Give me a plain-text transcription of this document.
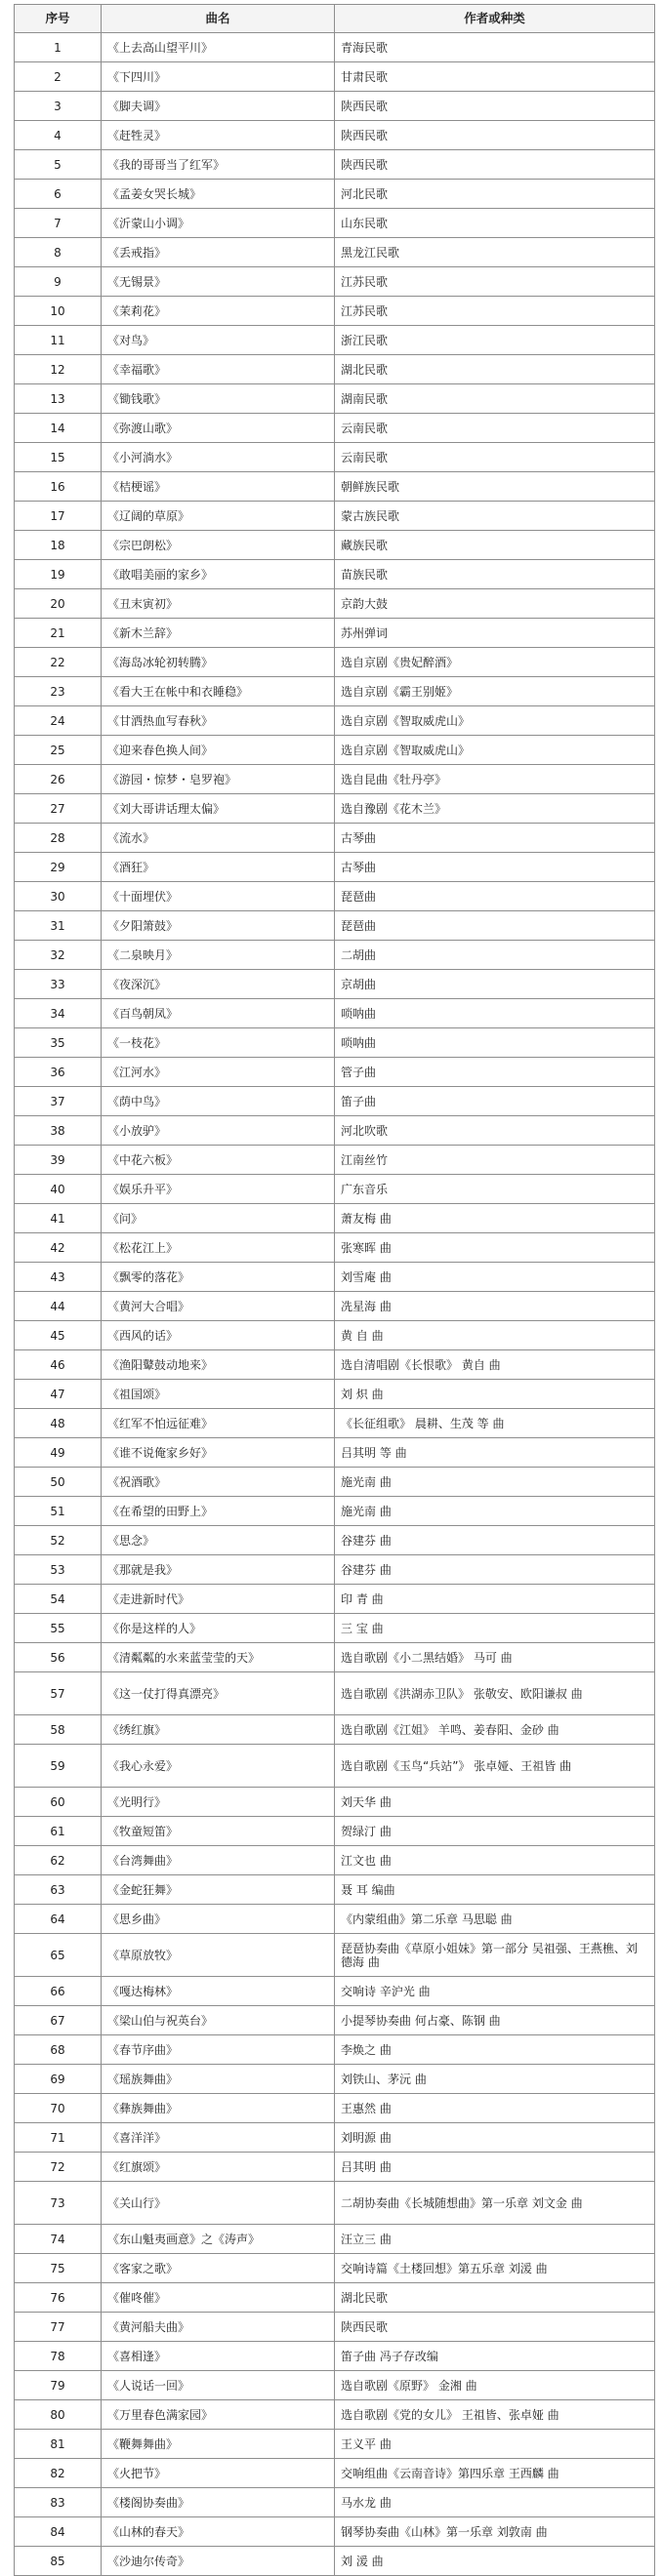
序号	曲名	作者或种类

1	《上去高山望平川》	青海民歌

2	《下四川》	甘肃民歌

3	《脚夫调》	陕西民歌

4	《赶牲灵》	陕西民歌

5	《我的哥哥当了红军》	陕西民歌

6	《孟姜女哭长城》	河北民歌

7	《沂蒙山小调》	山东民歌

8	《丢戒指》	黑龙江民歌

9	《无锡景》	江苏民歌

10	《茉莉花》	江苏民歌

11	《对鸟》	浙江民歌

12	《幸福歌》	湖北民歌

13	《锄钱歌》	湖南民歌

14	《弥渡山歌》	云南民歌

15	《小河淌水》	云南民歌

16	《桔梗谣》	朝鲜族民歌

17	《辽阔的草原》	蒙古族民歌

18	《宗巴朗松》	藏族民歌

19	《敢唱美丽的家乡》	苗族民歌

20	《丑末寅初》	京韵大鼓

21	《新木兰辞》	苏州弹词

22	《海岛冰轮初转腾》	选自京剧《贵妃醉酒》

23	《看大王在帐中和衣睡稳》	选自京剧《霸王别姬》

24	《甘洒热血写春秋》	选自京剧《智取威虎山》

25	《迎来春色换人间》	选自京剧《智取威虎山》

26	《游园・惊梦・皂罗袍》	选自昆曲《牡丹亭》

27	《刘大哥讲话理太偏》	选自豫剧《花木兰》

28	《流水》	古琴曲

29	《酒狂》	古琴曲

30	《十面埋伏》	琵琶曲

31	《夕阳箫鼓》	琵琶曲

32	《二泉映月》	二胡曲

33	《夜深沉》	京胡曲

34	《百鸟朝凤》	唢呐曲

35	《一枝花》	唢呐曲

36	《江河水》	管子曲

37	《荫中鸟》	笛子曲

38	《小放驴》	河北吹歌

39	《中花六板》	江南丝竹

40	《娱乐升平》	广东音乐

41	《问》	萧友梅 曲

42	《松花江上》	张寒晖 曲

43	《飘零的落花》	刘雪庵 曲

44	《黄河大合唱》	冼星海 曲

45	《西风的话》	黄 自 曲

46	《渔阳鼙鼓动地来》	选自清唱剧《长恨歌》 黄自 曲

47	《祖国颂》	刘 炽 曲

48	《红军不怕远征难》	《长征组歌》 晨耕、生茂 等 曲

49	《谁不说俺家乡好》	吕其明 等 曲

50	《祝酒歌》	施光南 曲

51	《在希望的田野上》	施光南 曲

52	《思念》	谷建芬 曲

53	《那就是我》	谷建芬 曲

54	《走进新时代》	印 青 曲

55	《你是这样的人》	三 宝 曲

56	《清粼粼的水来蓝莹莹的天》	选自歌剧《小二黑结婚》 马可 曲

57	《这一仗打得真漂亮》	选自歌剧《洪湖赤卫队》 张敬安、欧阳谦叔 曲

58	《绣红旗》	选自歌剧《江姐》 羊鸣、姜春阳、金砂 曲

59	《我心永爱》	选自歌剧《玉鸟“兵站”》 张卓娅、王祖皆 曲

60	《光明行》	刘天华 曲

61	《牧童短笛》	贺绿汀 曲

62	《台湾舞曲》	江文也 曲

63	《金蛇狂舞》	聂 耳 编曲

64	《思乡曲》	《内蒙组曲》第二乐章 马思聪 曲

65	《草原放牧》	琵琶协奏曲《草原小姐妹》第一部分 吴祖强、王燕樵、刘德海 曲

66	《嘎达梅林》	交响诗 辛沪光 曲

67	《梁山伯与祝英台》	小提琴协奏曲 何占豪、陈钢 曲

68	《春节序曲》	李焕之 曲

69	《瑶族舞曲》	刘铁山、茅沅 曲

70	《彝族舞曲》	王惠然 曲

71	《喜洋洋》	刘明源 曲

72	《红旗颂》	吕其明 曲

73	《关山行》	二胡协奏曲《长城随想曲》第一乐章 刘文金 曲

74	《东山魁夷画意》之《涛声》	汪立三 曲

75	《客家之歌》	交响诗篇《土楼回想》第五乐章 刘湲 曲

76	《催咚催》	湖北民歌

77	《黄河船夫曲》	陕西民歌

78	《喜相逢》	笛子曲 冯子存改编

79	《人说话一回》	选自歌剧《原野》 金湘 曲

80	《万里春色满家园》	选自歌剧《党的女儿》 王祖皆、张卓娅 曲

81	《鞭舞舞曲》	王义平 曲

82	《火把节》	交响组曲《云南音诗》第四乐章 王西麟 曲

83	《楼阁协奏曲》	马水龙 曲

84	《山林的春天》	钢琴协奏曲《山林》第一乐章 刘敦南 曲

85	《沙迪尔传奇》	刘 湲 曲
